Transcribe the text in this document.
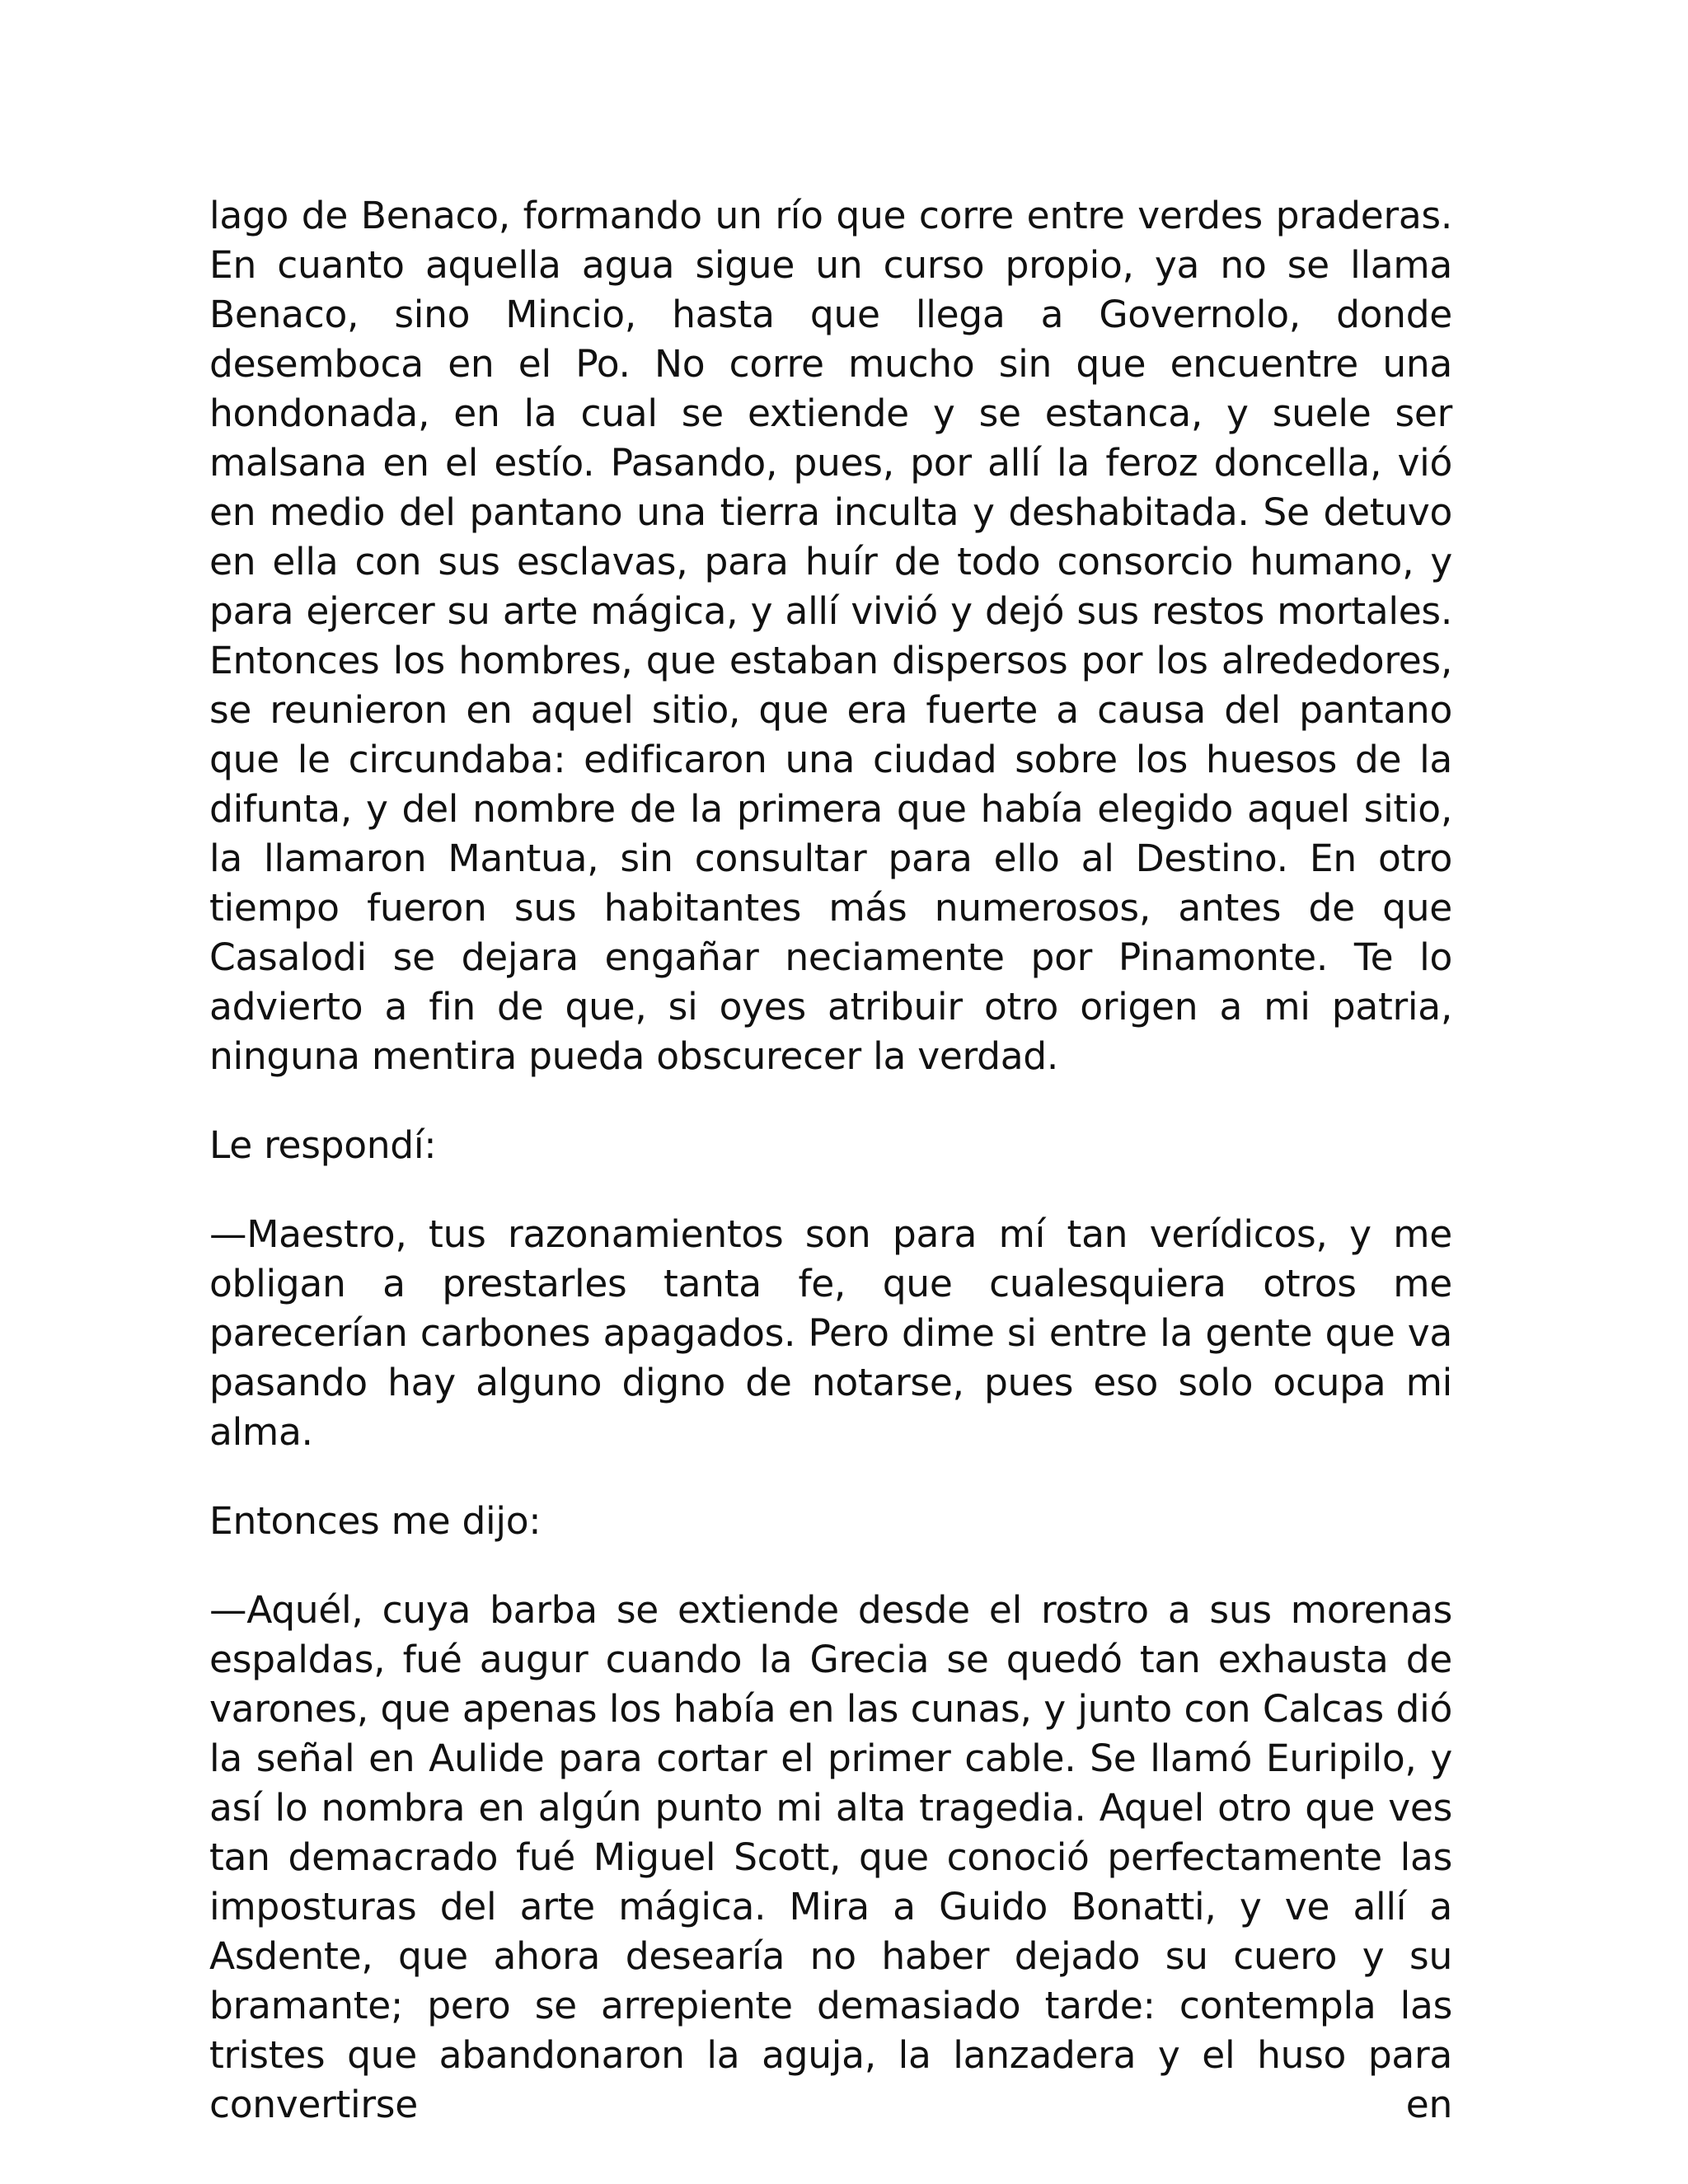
lago de Benaco, formando un río que corre entre verdes praderas. En cuanto aquella agua sigue un curso propio, ya no se llama Benaco, sino Mincio, hasta que llega a Governolo, donde desemboca en el Po. No corre mucho sin que encuentre una hondonada, en la cual se extiende y se estanca, y suele ser malsana en el estío. Pasando, pues, por allí la feroz doncella, vió en medio del pantano una tierra inculta y deshabitada. Se detuvo en ella con sus esclavas, para huír de todo consorcio humano, y para ejercer su arte mágica, y allí vivió y dejó sus restos mortales. Entonces los hombres, que estaban dispersos por los alrededores, se reunieron en aquel sitio, que era fuerte a causa del pantano que le circundaba: edificaron una ciudad sobre los huesos de la difunta, y del nombre de la primera que había elegido aquel sitio, la llamaron Mantua, sin consultar para ello al Destino. En otro tiempo fueron sus habitantes más numerosos, antes de que Casalodi se dejara engañar neciamente por Pinamonte. Te lo advierto a fin de que, si oyes atribuir otro origen a mi patria, ninguna mentira pueda obscurecer la verdad.

Le respondí:

—Maestro, tus razonamientos son para mí tan verídicos, y me obligan a prestarles tanta fe, que cualesquiera otros me parecerían carbones apagados. Pero dime si entre la gente que va pasando hay alguno digno de notarse, pues eso solo ocupa mi alma.

Entonces me dijo:

—Aquél, cuya barba se extiende desde el rostro a sus morenas espaldas, fué augur cuando la Grecia se quedó tan exhausta de varones, que apenas los había en las cunas, y junto con Calcas dió la señal en Aulide para cortar el primer cable. Se llamó Euripilo, y así lo nombra en algún punto mi alta tragedia. Aquel otro que ves tan demacrado fué Miguel Scott, que conoció perfectamente las imposturas del arte mágica. Mira a Guido Bonatti, y ve allí a Asdente, que ahora desearía no haber dejado su cuero y su bramante; pero se arrepiente demasiado tarde: contempla las tristes que abandonaron la aguja, la lanzadera y el huso para convertirse en
